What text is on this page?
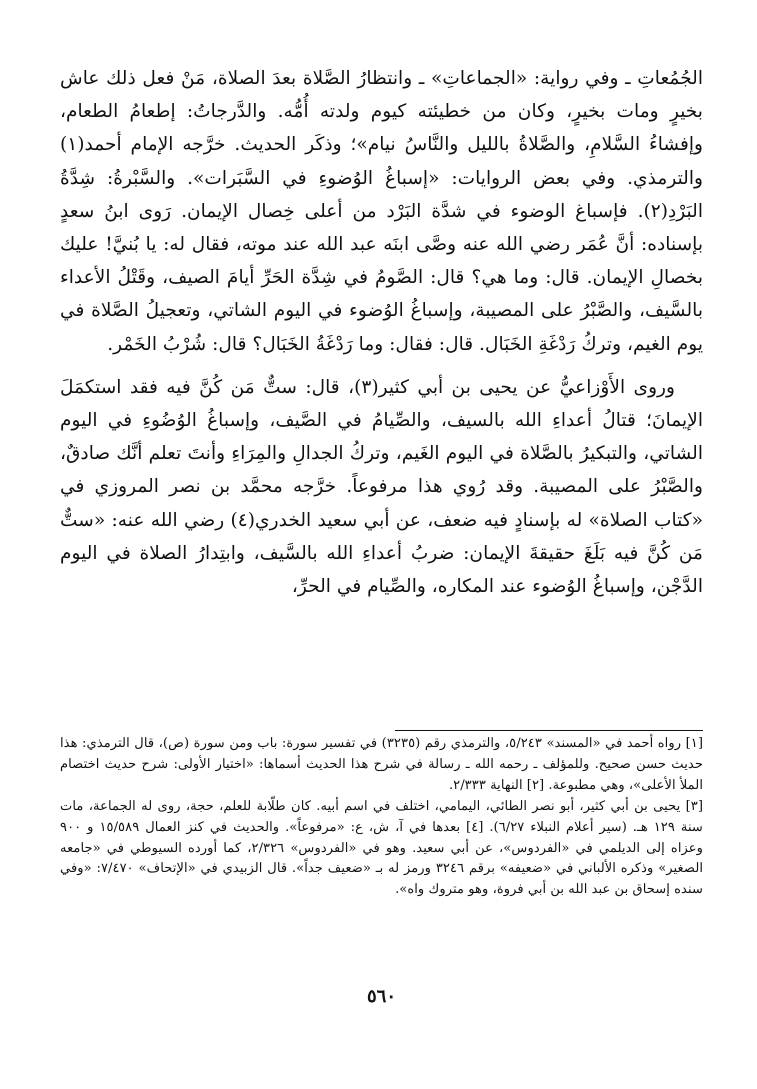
الجُمُعاتِ ـ وفي رواية: «الجماعاتِ» ـ وانتظارُ الصَّلاة بعدَ الصلاة، مَنْ فعل ذلك عاش بخيرٍ ومات بخيرٍ، وكان من خطيئته كيوم ولدته أُمُّه. والدَّرجاتُ: إطعامُ الطعام، وإفشاءُ السَّلامِ، والصَّلاةُ بالليل والنَّاسُ نيام»؛ وذكَر الحديث. خرَّجه الإمام أحمد(١) والترمذي. وفي بعض الروايات: «إسباغُ الوُضوءِ في السَّبَرات». والسَّبْرةُ: شِدَّةُ البَرْدِ(٢). فإسباغ الوضوء في شدَّة البَرْد من أعلى خِصال الإيمان. رَوى ابنُ سعدٍ بإسناده: أنَّ عُمَر رضي الله عنه وصَّى ابنَه عبد الله عند موته، فقال له: يا بُنيَّ! عليك بخصالِ الإيمان. قال: وما هي؟ قال: الصَّومُ في شِدَّة الحَرِّ أيامَ الصيف، وقَتْلُ الأعداء بالسَّيف، والصَّبْرُ على المصيبة، وإسباغُ الوُضوء في اليوم الشاتي، وتعجيلُ الصَّلاة في يوم الغيم، وتركُ رَدْغَةِ الخَبَال. قال: فقال: وما رَدْغَةُ الخَبَال؟ قال: شُرْبُ الخَمْر.

وروى الأَوْزاعيُّ عن يحيى بن أبي كثير(٣)، قال: ستٌّ مَن كُنَّ فيه فقد استكمَلَ الإيمانَ؛ قتالُ أعداءِ الله بالسيف، والصِّيامُ في الصَّيف، وإسباغُ الوُضُوءِ في اليوم الشاتي، والتبكيرُ بالصَّلاة في اليوم الغَيم، وتركُ الجدالِ والمِرَاءِ وأنتَ تعلم أنَّك صادقٌ، والصَّبْرُ على المصيبة. وقد رُوي هذا مرفوعاً. خرَّجه محمَّد بن نصر المروزي في «كتاب الصلاة» له بإسنادٍ فيه ضعف، عن أبي سعيد الخدري(٤) رضي الله عنه: «ستٌّ مَن كُنَّ فيه بَلَغَ حقيقةَ الإيمان: ضربُ أعداءِ الله بالسَّيف، وابتِدارُ الصلاة في اليوم الدَّجْن، وإسباغُ الوُضوء عند المكاره، والصِّيام في الحرِّ،

[١] رواه أحمد في «المسند» ٥/٢٤٣، والترمذي رقم (٣٢٣٥) في تفسير سورة: باب ومن سورة (ص)، قال الترمذي: هذا حديث حسن صحيح. وللمؤلف ـ رحمه الله ـ رسالة في شرح هذا الحديث أسماها: «اختيار الأولى: شرح حديث اختصام الملأ الأعلى»، وهي مطبوعة. [٢] النهاية ٢/٣٣٣.

[٣] يحيى بن أبي كثير، أبو نصر الطائي، اليمامي، اختلف في اسم أبيه. كان طلّابة للعلم، حجة، روى له الجماعة، مات سنة ١٢٩ هـ. (سير أعلام النبلاء ٦/٢٧). [٤] بعدها في آ، ش، ع: «مرفوعاً». والحديث في كنز العمال ١٥/٥٨٩ و ٩٠٠ وعزاه إلى الديلمي في «الفردوس»، عن أبي سعيد. وهو في «الفردوس» ٢/٣٢٦، كما أورده السيوطي في «جامعه الصغير» وذكره الألباني في «ضعيفه» برقم ٣٢٤٦ ورمز له بـ «ضعيف جداً». قال الزبيدي في «الإتحاف» ٧/٤٧٠: «وفي سنده إسحاق بن عبد الله بن أبي فروة، وهو متروك واه».

٥٦٠
